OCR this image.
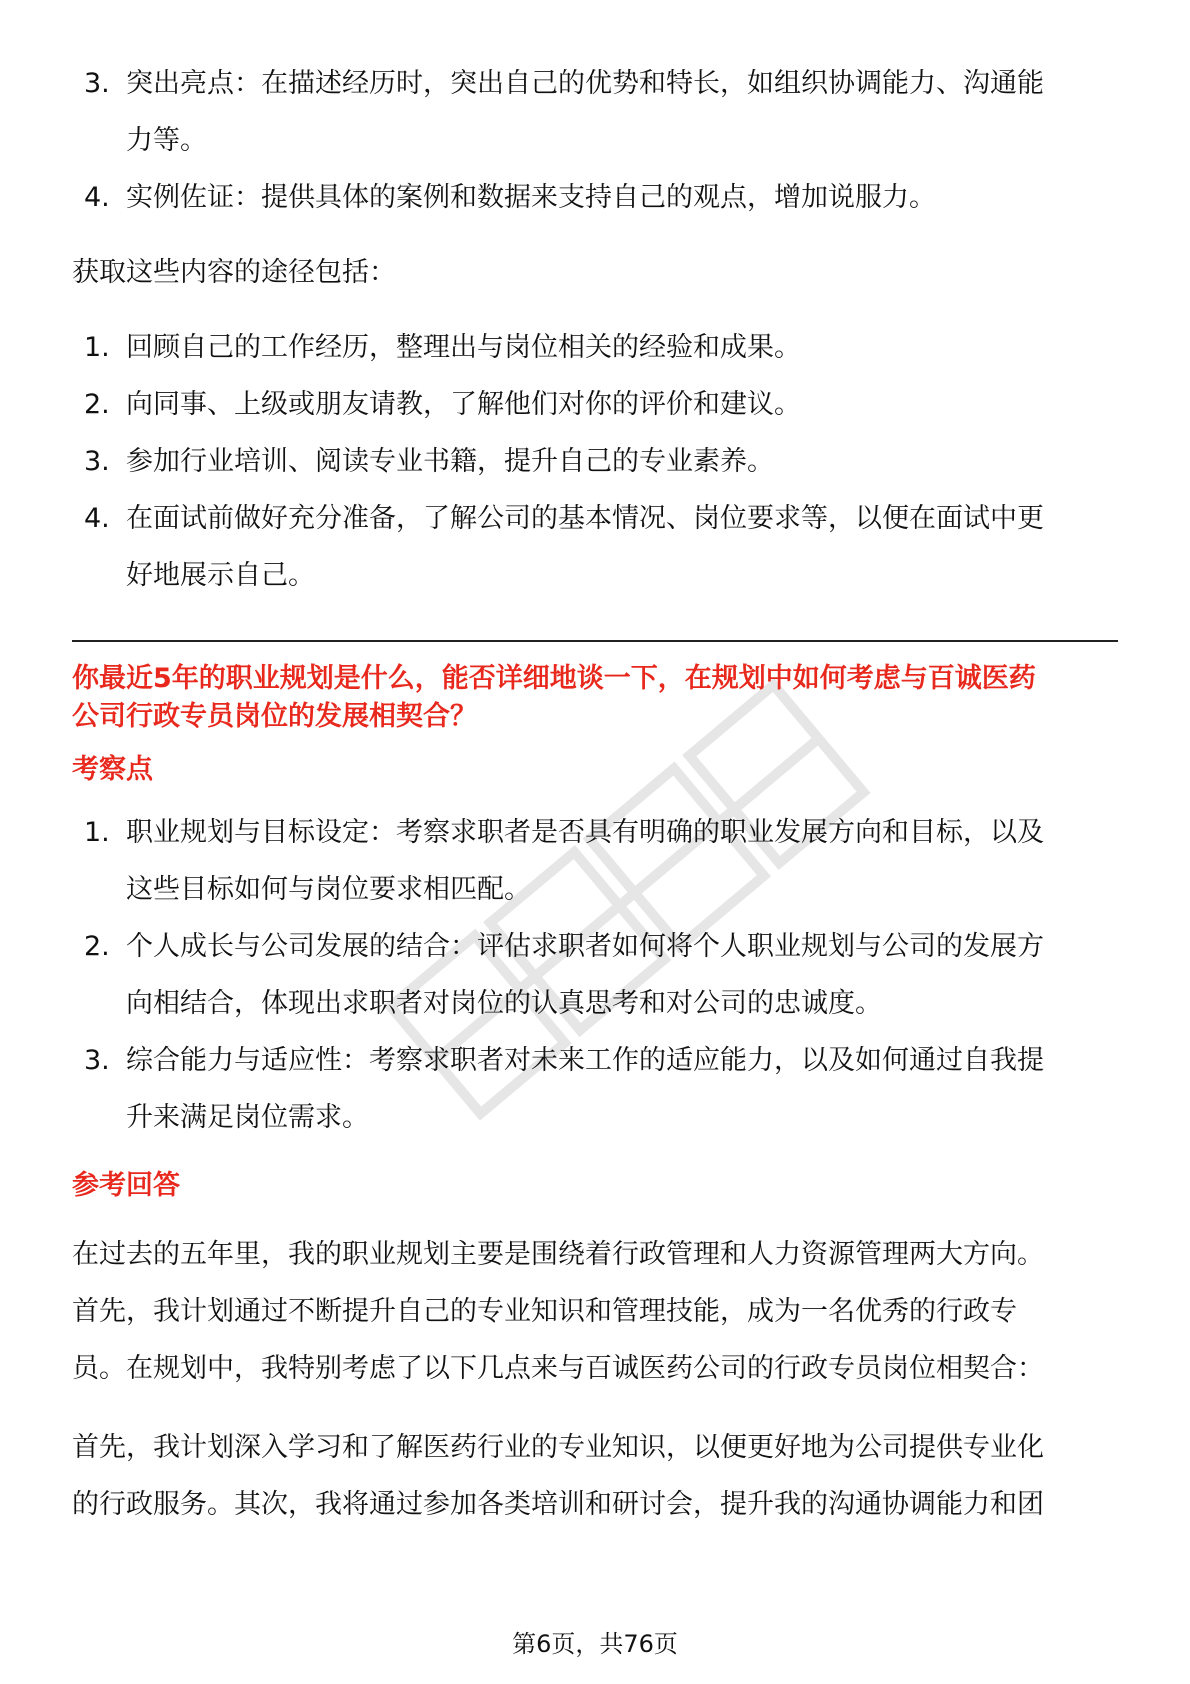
3. 突出亮点：在描述经历时，突出自己的优势和特长，如组织协调能力、沟通能
力等。
4. 实例佐证：提供具体的案例和数据来支持自己的观点，增加说服力。

获取这些内容的途径包括：

1. 回顾自己的工作经历，整理出与岗位相关的经验和成果。
2. 向同事、上级或朋友请教，了解他们对你的评价和建议。
3. 参加行业培训、阅读专业书籍，提升自己的专业素养。
4. 在面试前做好充分准备，了解公司的基本情况、岗位要求等，以便在面试中更
好地展示自己。

你最近5年的职业规划是什么，能否详细地谈一下，在规划中如何考虑与百诚医药

公司行政专员岗位的发展相契合？

考察点

1. 职业规划与目标设定：考察求职者是否具有明确的职业发展方向和目标，以及
这些目标如何与岗位要求相匹配。
2. 个人成长与公司发展的结合：评估求职者如何将个人职业规划与公司的发展方
向相结合，体现出求职者对岗位的认真思考和对公司的忠诚度。
3. 综合能力与适应性：考察求职者对未来工作的适应能力，以及如何通过自我提
升来满足岗位需求。

参考回答

在过去的五年里，我的职业规划主要是围绕着行政管理和人力资源管理两大方向。

首先，我计划通过不断提升自己的专业知识和管理技能，成为一名优秀的行政专

员。在规划中，我特别考虑了以下几点来与百诚医药公司的行政专员岗位相契合：

首先，我计划深入学习和了解医药行业的专业知识，以便更好地为公司提供专业化

的行政服务。其次，我将通过参加各类培训和研讨会，提升我的沟通协调能力和团

第6页，共76页
